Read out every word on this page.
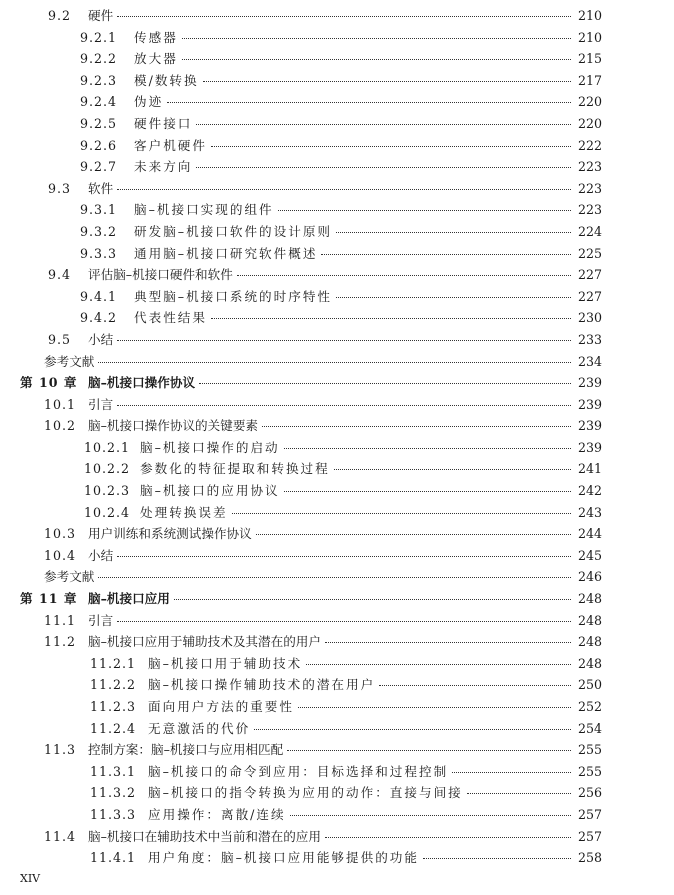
9.2	硬件	210
9.2.1	传感器	210
9.2.2	放大器	215
9.2.3	模/数转换	217
9.2.4	伪迹	220
9.2.5	硬件接口	220
9.2.6	客户机硬件	222
9.2.7	未来方向	223
9.3	软件	223
9.3.1	脑–机接口实现的组件	223
9.3.2	研发脑–机接口软件的设计原则	224
9.3.3	通用脑–机接口研究软件概述	225
9.4	评估脑–机接口硬件和软件	227
9.4.1	典型脑–机接口系统的时序特性	227
9.4.2	代表性结果	230
9.5	小结	233
参考文献	234
第 10 章 脑–机接口操作协议	239
10.1 引言	239
10.2 脑–机接口操作协议的关键要素	239
10.2.1 脑–机接口操作的启动	239
10.2.2 参数化的特征提取和转换过程	241
10.2.3 脑–机接口的应用协议	242
10.2.4 处理转换误差	243
10.3 用户训练和系统测试操作协议	244
10.4 小结	245
参考文献	246
第 11 章 脑–机接口应用	248
11.1 引言	248
11.2 脑–机接口应用于辅助技术及其潜在的用户	248
11.2.1 脑–机接口用于辅助技术	248
11.2.2 脑–机接口操作辅助技术的潜在用户	250
11.2.3 面向用户方法的重要性	252
11.2.4 无意激活的代价	254
11.3 控制方案：脑–机接口与应用相匹配	255
11.3.1 脑–机接口的命令到应用：目标选择和过程控制	255
11.3.2 脑–机接口的指令转换为应用的动作：直接与间接	256
11.3.3 应用操作：离散/连续	257
11.4 脑–机接口在辅助技术中当前和潜在的应用	257
11.4.1 用户角度：脑–机接口应用能够提供的功能	258
XIV
